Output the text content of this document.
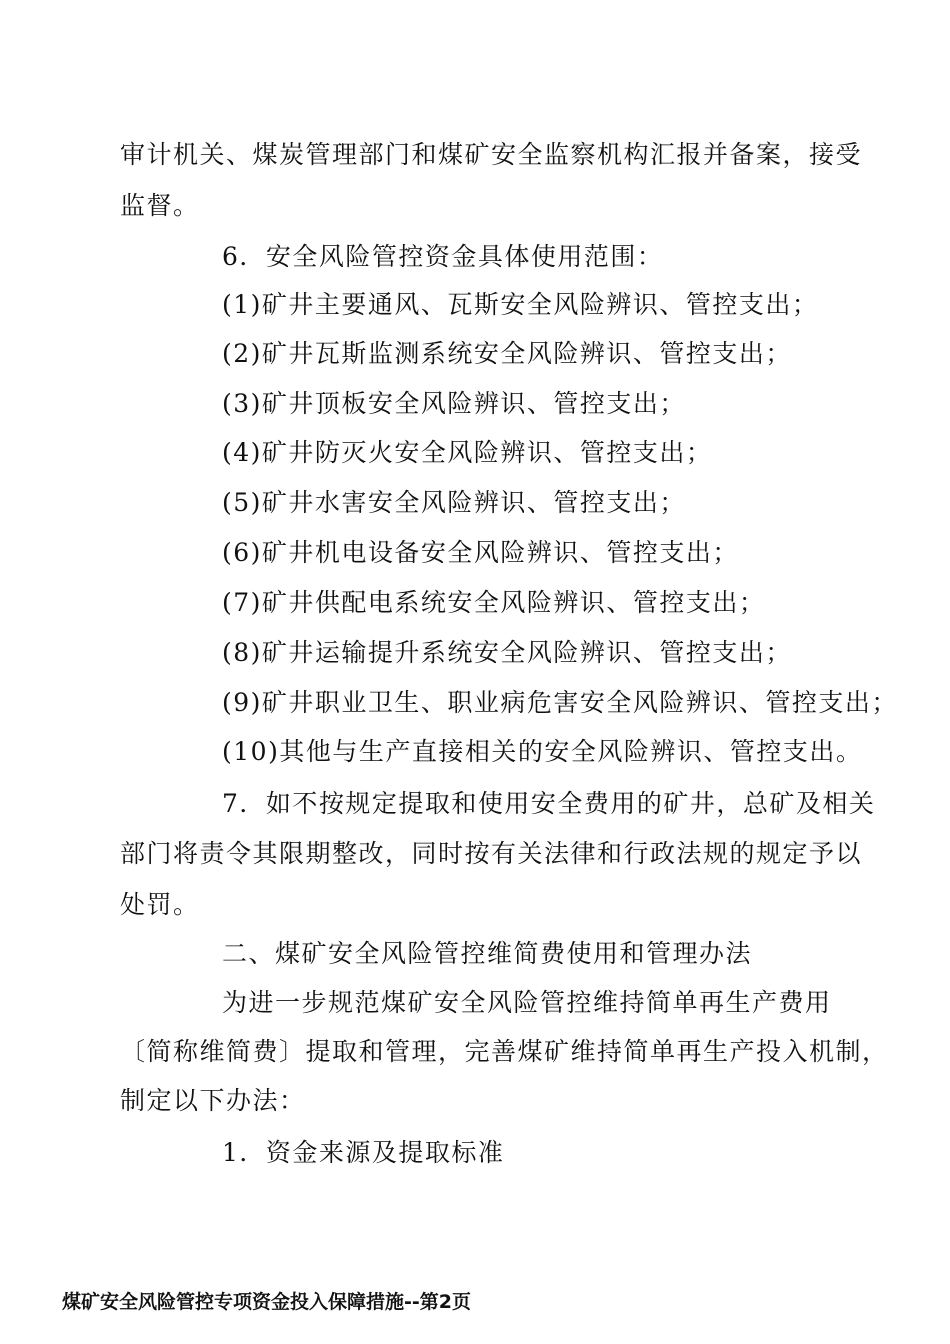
审计机关、煤炭管理部门和煤矿安全监察机构汇报并备案，接受
监督。
6．安全风险管控资金具体使用范围：
(1)矿井主要通风、瓦斯安全风险辨识、管控支出；
(2)矿井瓦斯监测系统安全风险辨识、管控支出；
(3)矿井顶板安全风险辨识、管控支出；
(4)矿井防灭火安全风险辨识、管控支出；
(5)矿井水害安全风险辨识、管控支出；
(6)矿井机电设备安全风险辨识、管控支出；
(7)矿井供配电系统安全风险辨识、管控支出；
(8)矿井运输提升系统安全风险辨识、管控支出；
(9)矿井职业卫生、职业病危害安全风险辨识、管控支出；
(10)其他与生产直接相关的安全风险辨识、管控支出。
7．如不按规定提取和使用安全费用的矿井，总矿及相关
部门将责令其限期整改，同时按有关法律和行政法规的规定予以
处罚。
二、煤矿安全风险管控维简费使用和管理办法
为进一步规范煤矿安全风险管控维持简单再生产费用
〔简称维简费〕提取和管理，完善煤矿维持简单再生产投入机制，
制定以下办法：
1．资金来源及提取标准
煤矿安全风险管控专项资金投入保障措施--第2页
